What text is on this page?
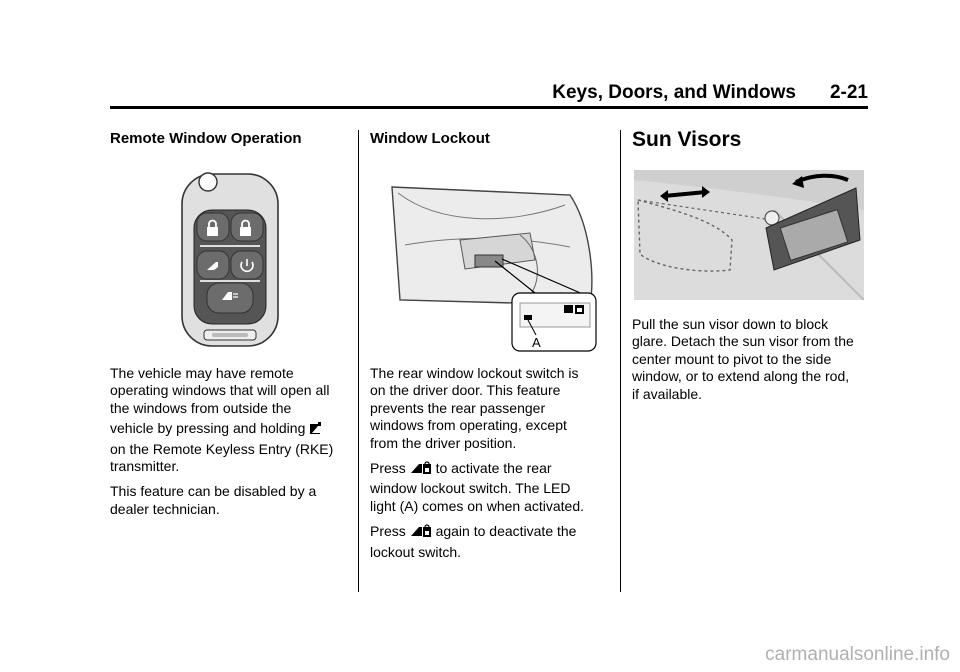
Keys, Doors, and Windows 2-21
Remote Window Operation
The vehicle may have remote
operating windows that will open all
the windows from outside the
vehicle by pressing and holding
on the Remote Keyless Entry (RKE)
transmitter.
This feature can be disabled by a
dealer technician.
Window Lockout
A
The rear window lockout switch is
on the driver door. This feature
prevents the rear passenger
windows from operating, except
from the driver position.
Press to activate the rear
window lockout switch. The LED
light (A) comes on when activated.
Press again to deactivate the
lockout switch.
Sun Visors
Pull the sun visor down to block
glare. Detach the sun visor from the
center mount to pivot to the side
window, or to extend along the rod,
if available.
carmanualsonline.info
